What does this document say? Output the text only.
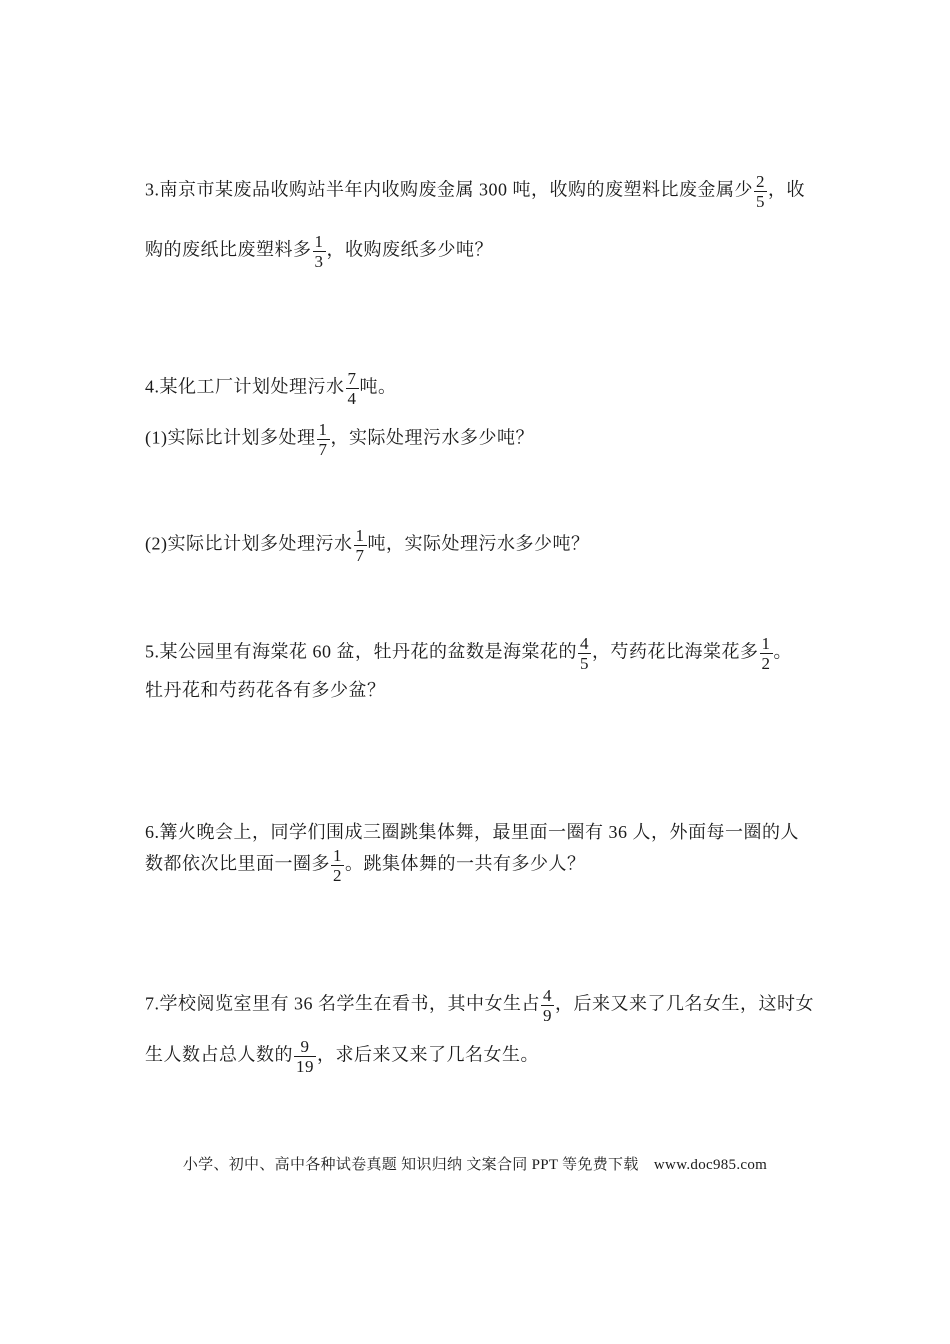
3.南京市某废品收购站半年内收购废金属 300 吨，收购的废塑料比废金属少 $\frac{2}{5}$ ，收
购的废纸比废塑料多 $\frac{1}{3}$ ，收购废纸多少吨？
4.某化工厂计划处理污水 $\frac{7}{4}$ 吨。
(1)实际比计划多处理 $\frac{1}{7}$ ，实际处理污水多少吨？
(2)实际比计划多处理污水 $\frac{1}{7}$ 吨，实际处理污水多少吨？
5.某公园里有海棠花 60 盆，牡丹花的盆数是海棠花的 $\frac{4}{5}$ ，芍药花比海棠花多 $\frac{1}{2}$ 。
牡丹花和芍药花各有多少盆？
6.篝火晚会上，同学们围成三圈跳集体舞，最里面一圈有 36 人，外面每一圈的人
数都依次比里面一圈多 $\frac{1}{2}$ 。跳集体舞的一共有多少人？
7.学校阅览室里有 36 名学生在看书，其中女生占 $\frac{4}{9}$ ，后来又来了几名女生，这时女
生人数占总人数的 $\frac{9}{19}$ ，求后来又来了几名女生。
小学、初中、高中各种试卷真题 知识归纳 文案合同 PPT 等免费下载　www.doc985.com
